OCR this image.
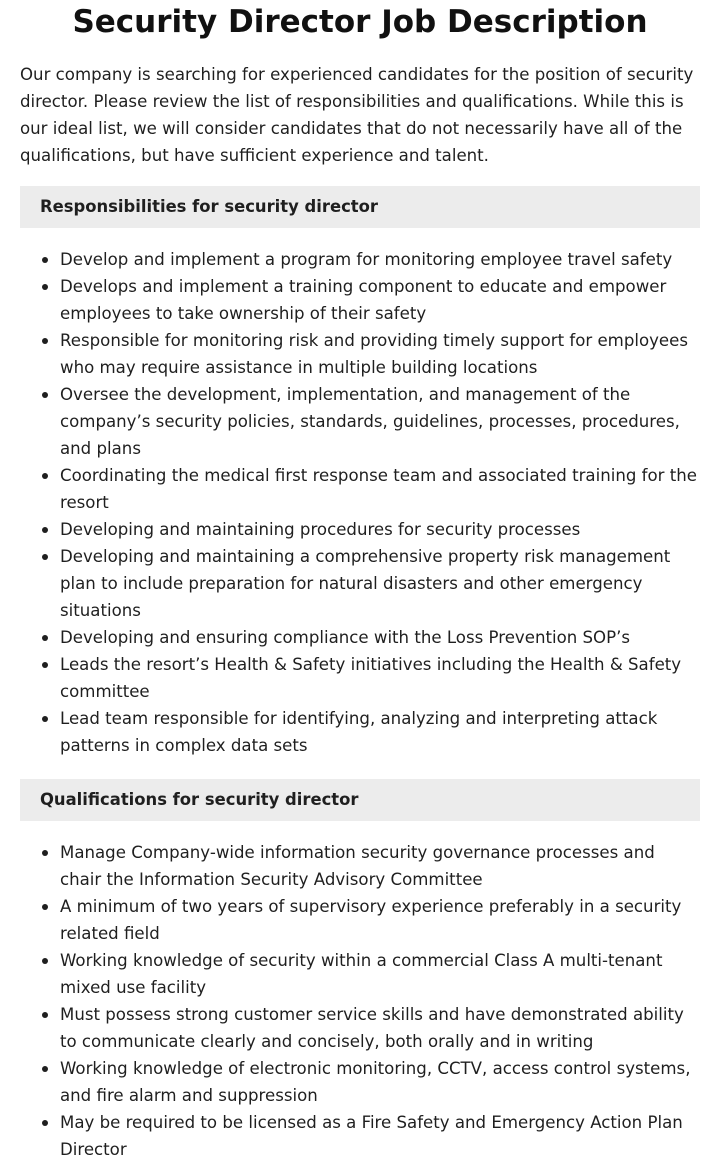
Security Director Job Description

Our company is searching for experienced candidates for the position of security director. Please review the list of responsibilities and qualifications. While this is our ideal list, we will consider candidates that do not necessarily have all of the qualifications, but have sufficient experience and talent.

Responsibilities for security director
Develop and implement a program for monitoring employee travel safety
Develops and implement a training component to educate and empower employees to take ownership of their safety
Responsible for monitoring risk and providing timely support for employees who may require assistance in multiple building locations
Oversee the development, implementation, and management of the company’s security policies, standards, guidelines, processes, procedures, and plans
Coordinating the medical first response team and associated training for the resort
Developing and maintaining procedures for security processes
Developing and maintaining a comprehensive property risk management plan to include preparation for natural disasters and other emergency situations
Developing and ensuring compliance with the Loss Prevention SOP’s
Leads the resort’s Health & Safety initiatives including the Health & Safety committee
Lead team responsible for identifying, analyzing and interpreting attack patterns in complex data sets
Qualifications for security director
Manage Company-wide information security governance processes and chair the Information Security Advisory Committee
A minimum of two years of supervisory experience preferably in a security related field
Working knowledge of security within a commercial Class A multi-tenant mixed use facility
Must possess strong customer service skills and have demonstrated ability to communicate clearly and concisely, both orally and in writing
Working knowledge of electronic monitoring, CCTV, access control systems, and fire alarm and suppression
May be required to be licensed as a Fire Safety and Emergency Action Plan Director
